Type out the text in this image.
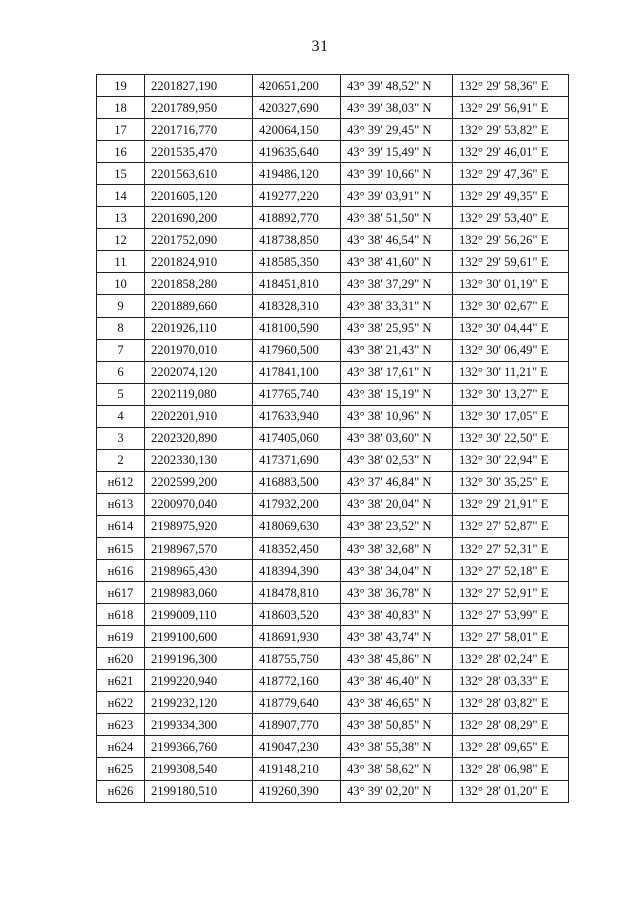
31
19	2201827,190	420651,200	43° 39' 48,52" N	132° 29' 58,36" E
18	2201789,950	420327,690	43° 39' 38,03" N	132° 29' 56,91" E
17	2201716,770	420064,150	43° 39' 29,45" N	132° 29' 53,82" E
16	2201535,470	419635,640	43° 39' 15,49" N	132° 29' 46,01" E
15	2201563,610	419486,120	43° 39' 10,66" N	132° 29' 47,36" E
14	2201605,120	419277,220	43° 39' 03,91" N	132° 29' 49,35" E
13	2201690,200	418892,770	43° 38' 51,50" N	132° 29' 53,40" E
12	2201752,090	418738,850	43° 38' 46,54" N	132° 29' 56,26" E
11	2201824,910	418585,350	43° 38' 41,60" N	132° 29' 59,61" E
10	2201858,280	418451,810	43° 38' 37,29" N	132° 30' 01,19" E
9	2201889,660	418328,310	43° 38' 33,31" N	132° 30' 02,67" E
8	2201926,110	418100,590	43° 38' 25,95" N	132° 30' 04,44" E
7	2201970,010	417960,500	43° 38' 21,43" N	132° 30' 06,49" E
6	2202074,120	417841,100	43° 38' 17,61" N	132° 30' 11,21" E
5	2202119,080	417765,740	43° 38' 15,19" N	132° 30' 13,27" E
4	2202201,910	417633,940	43° 38' 10,96" N	132° 30' 17,05" E
3	2202320,890	417405,060	43° 38' 03,60" N	132° 30' 22,50" E
2	2202330,130	417371,690	43° 38' 02,53" N	132° 30' 22,94" E
н612	2202599,200	416883,500	43° 37' 46,84" N	132° 30' 35,25" E
н613	2200970,040	417932,200	43° 38' 20,04" N	132° 29' 21,91" E
н614	2198975,920	418069,630	43° 38' 23,52" N	132° 27' 52,87" E
н615	2198967,570	418352,450	43° 38' 32,68" N	132° 27' 52,31" E
н616	2198965,430	418394,390	43° 38' 34,04" N	132° 27' 52,18" E
н617	2198983,060	418478,810	43° 38' 36,78" N	132° 27' 52,91" E
н618	2199009,110	418603,520	43° 38' 40,83" N	132° 27' 53,99" E
н619	2199100,600	418691,930	43° 38' 43,74" N	132° 27' 58,01" E
н620	2199196,300	418755,750	43° 38' 45,86" N	132° 28' 02,24" E
н621	2199220,940	418772,160	43° 38' 46,40" N	132° 28' 03,33" E
н622	2199232,120	418779,640	43° 38' 46,65" N	132° 28' 03,82" E
н623	2199334,300	418907,770	43° 38' 50,85" N	132° 28' 08,29" E
н624	2199366,760	419047,230	43° 38' 55,38" N	132° 28' 09,65" E
н625	2199308,540	419148,210	43° 38' 58,62" N	132° 28' 06,98" E
н626	2199180,510	419260,390	43° 39' 02,20" N	132° 28' 01,20" E
